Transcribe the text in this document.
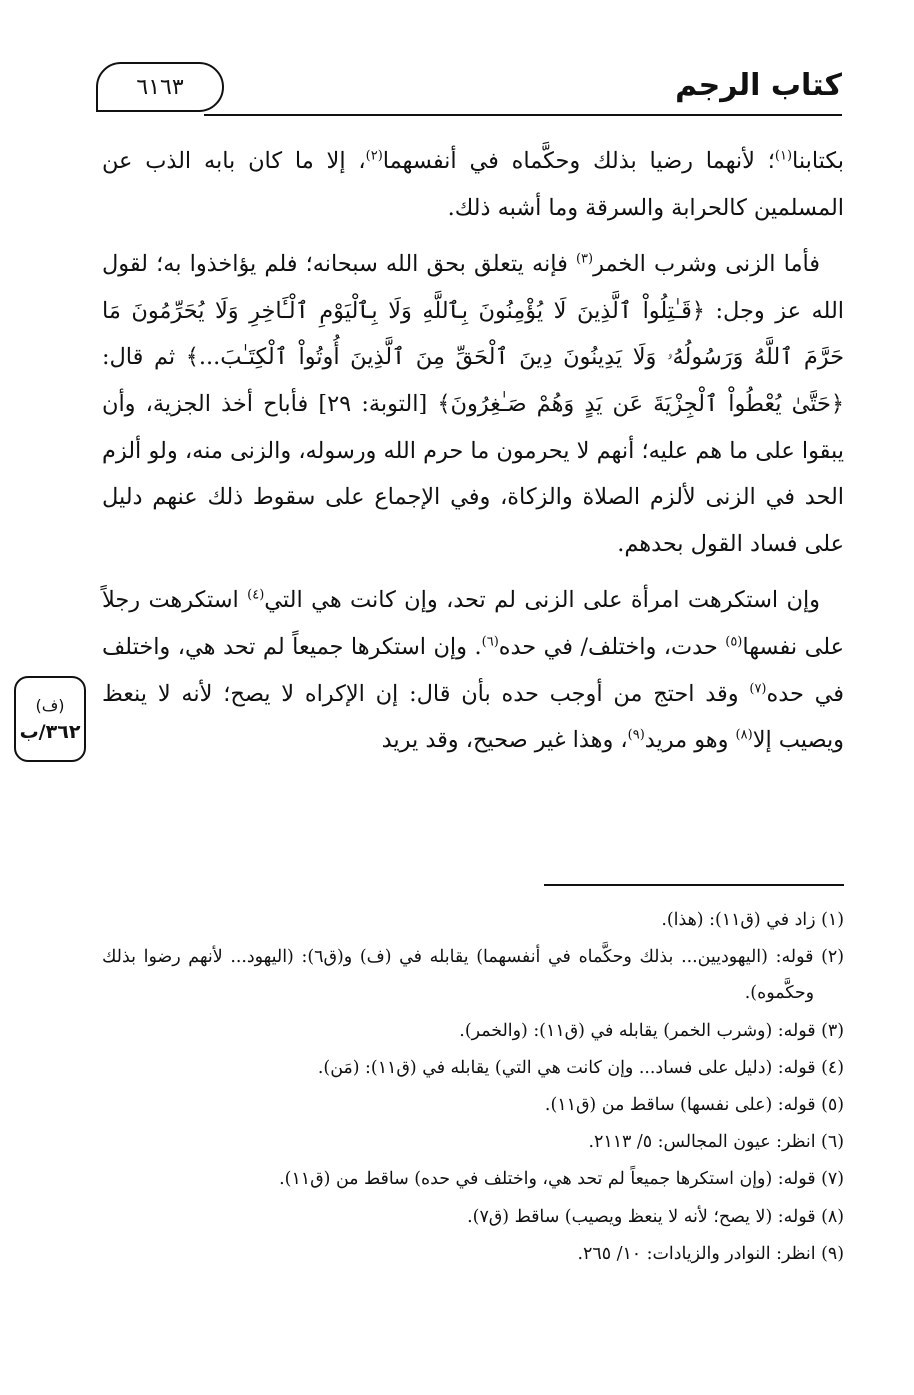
٦١٦٣	كتاب الرجم
(ف)
٣٦٢/ب

بكتابنا$^{(١)}$؛ لأنهما رضيا بذلك وحكَّماه في أنفسهما$^{(٢)}$، إلا ما كان بابه الذب عن المسلمين كالحرابة والسرقة وما أشبه ذلك.

فأما الزنى وشرب الخمر$^{(٣)}$ فإنه يتعلق بحق الله سبحانه؛ فلم يؤاخذوا به؛ لقول الله عز وجل: ﴿قَـٰتِلُواْ ٱلَّذِينَ لَا يُؤْمِنُونَ بِٱللَّهِ وَلَا بِٱلْيَوْمِ ٱلْـَٔاخِرِ وَلَا يُحَرِّمُونَ مَا حَرَّمَ ٱللَّهُ وَرَسُولُهُۥ وَلَا يَدِينُونَ دِينَ ٱلْحَقِّ مِنَ ٱلَّذِينَ أُوتُواْ ٱلْكِتَـٰبَ...﴾ ثم قال: ﴿حَتَّىٰ يُعْطُواْ ٱلْجِزْيَةَ عَن يَدٍ وَهُمْ صَـٰغِرُونَ﴾ [التوبة: ٢٩] فأباح أخذ الجزية، وأن يبقوا على ما هم عليه؛ أنهم لا يحرمون ما حرم الله ورسوله، والزنى منه، ولو ألزم الحد في الزنى لألزم الصلاة والزكاة، وفي الإجماع على سقوط ذلك عنهم دليل على فساد القول بحدهم.

وإن استكرهت امرأة على الزنى لم تحد، وإن كانت هي التي$^{(٤)}$ استكرهت رجلاً على نفسها$^{(٥)}$ حدت، واختلف/ في حده$^{(٦)}$. وإن استكرها جميعاً لم تحد هي، واختلف في حده$^{(٧)}$ وقد احتج من أوجب حده بأن قال: إن الإكراه لا يصح؛ لأنه لا ينعظ ويصيب إلا$^{(٨)}$ وهو مريد$^{(٩)}$، وهذا غير صحيح، وقد يريد

(١) زاد في (ق١١): (هذا).
(٢) قوله: (اليهوديين... بذلك وحكَّماه في أنفسهما) يقابله في (ف) و(ق٦): (اليهود... لأنهم رضوا بذلك وحكَّموه).
(٣) قوله: (وشرب الخمر) يقابله في (ق١١): (والخمر).
(٤) قوله: (دليل على فساد... وإن كانت هي التي) يقابله في (ق١١): (مَن).
(٥) قوله: (على نفسها) ساقط من (ق١١).
(٦) انظر: عيون المجالس: ٥/ ٢١١٣.
(٧) قوله: (وإن استكرها جميعاً لم تحد هي، واختلف في حده) ساقط من (ق١١).
(٨) قوله: (لا يصح؛ لأنه لا ينعظ ويصيب) ساقط (ق٧).
(٩) انظر: النوادر والزيادات: ١٠/ ٢٦٥.
